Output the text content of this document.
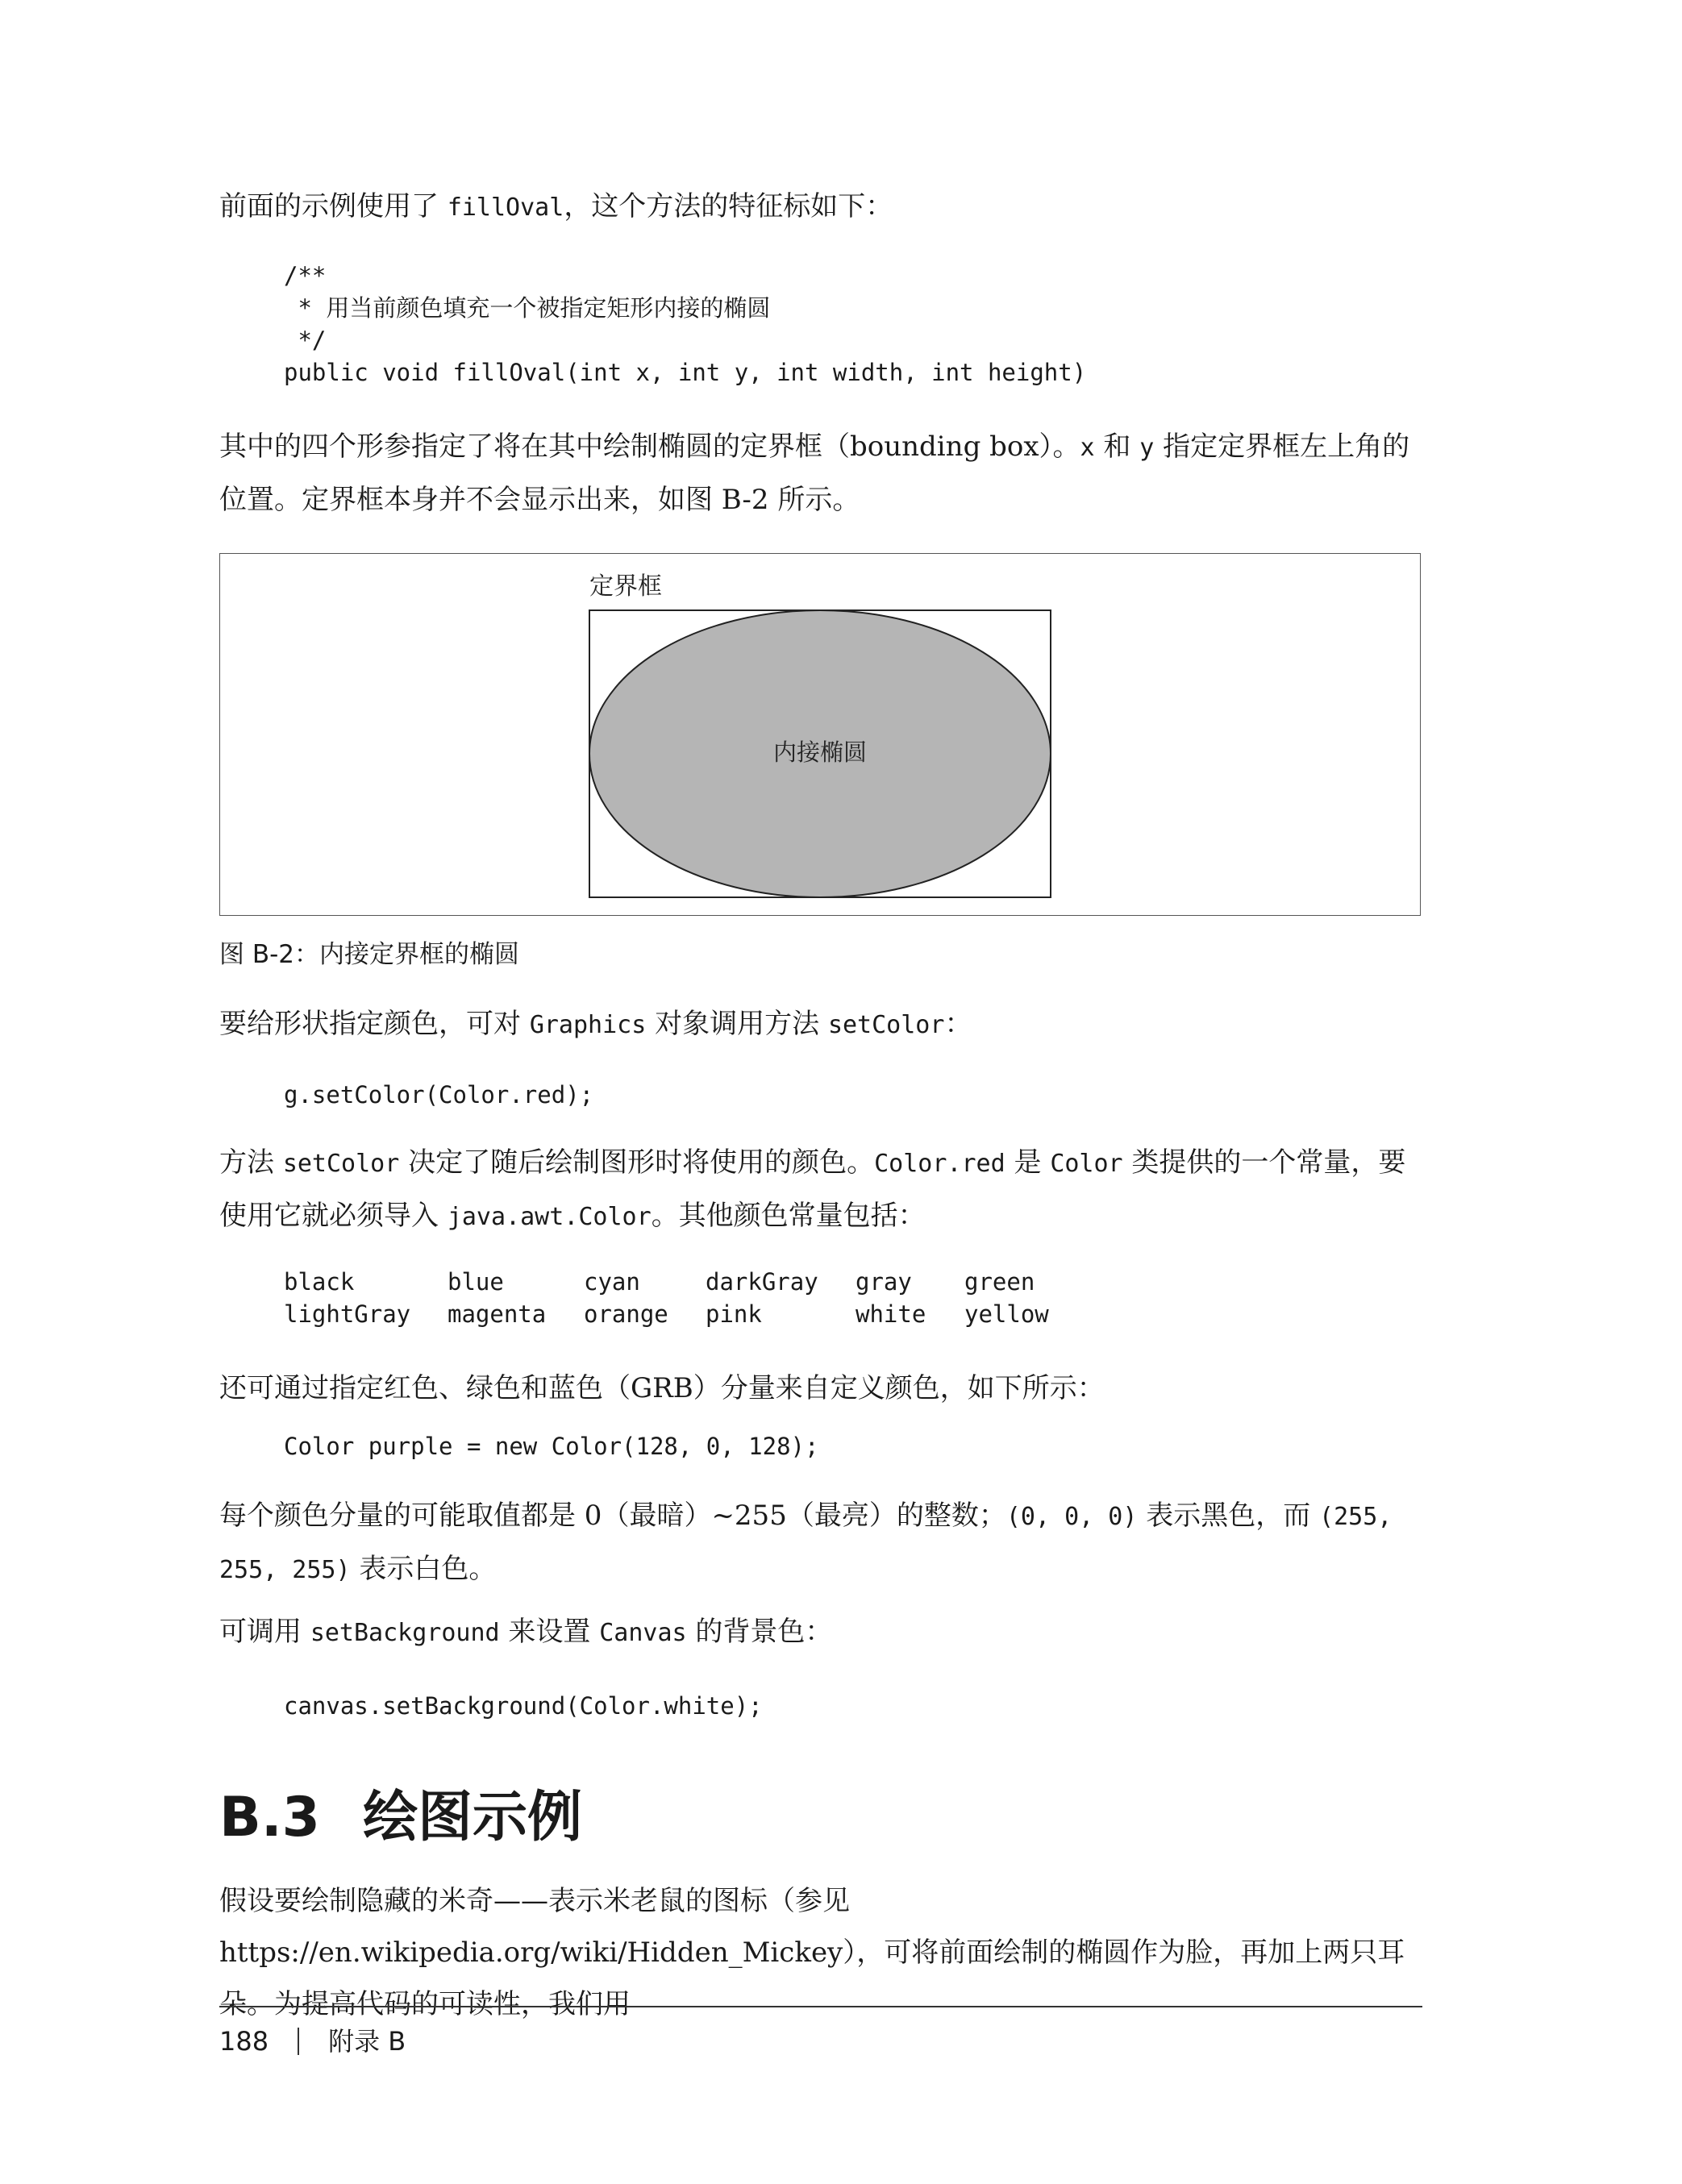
前面的示例使用了 fillOval，这个方法的特征标如下：

/**
* 用当前颜色填充一个被指定矩形内接的椭圆
*/
public void fillOval(int x, int y, int width, int height)

其中的四个形参指定了将在其中绘制椭圆的定界框（bounding box）。x 和 y 指定定界框左上角的位置。定界框本身并不会显示出来，如图 B-2 所示。

定界框
内接椭圆
图 B-2：内接定界框的椭圆

要给形状指定颜色，可对 Graphics 对象调用方法 setColor：

g.setColor(Color.red);

方法 setColor 决定了随后绘制图形时将使用的颜色。Color.red 是 Color 类提供的一个常量，要使用它就必须导入 java.awt.Color。其他颜色常量包括：

black	blue	cyan	darkGray	gray	green
lightGray	magenta	orange	pink	white	yellow

还可通过指定红色、绿色和蓝色（GRB）分量来自定义颜色，如下所示：

Color purple = new Color(128, 0, 128);

每个颜色分量的可能取值都是 0（最暗）~255（最亮）的整数；(0, 0, 0) 表示黑色，而 (255, 255, 255) 表示白色。

可调用 setBackground 来设置 Canvas 的背景色：

canvas.setBackground(Color.white);
B.3 绘图示例

假设要绘制隐藏的米奇——表示米老鼠的图标（参见 https://en.wikipedia.org/wiki/Hidden_Mickey），可将前面绘制的椭圆作为脸，再加上两只耳朵。为提高代码的可读性，我们用

188 附录 B
